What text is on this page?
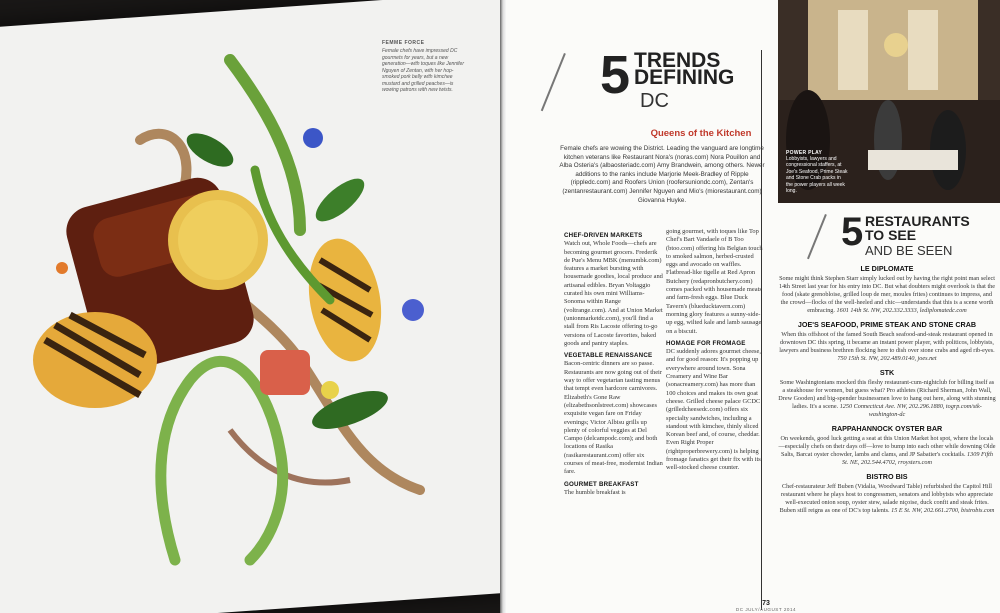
FEMME FORCE
Female chefs have impressed DC gourmets for years, but a new generation—with toques like Jennifer Nguyen of Zentan, with her hop-smoked pork belly with kimchee mustard and grilled peaches—is wowing patrons with new twists.	5 TRENDS
DEFINING
DC
Queens of the Kitchen
Female chefs are wowing the District. Leading the vanguard are longtime kitchen veterans like Restaurant Nora's (noras.com) Nora Pouillon and Alba Osteria's (albaosteriadc.com) Amy Brandwein, among others. Newer additions to the ranks include Marjorie Meek-Bradley of Ripple (rippledc.com) and Roofers Union (roofersuniondc.com), Zentan's (zentanrestaurant.com) Jennifer Nguyen and Mio's (miorestaurant.com) Giovanna Huyke.
CHEF-DRIVEN MARKETS

Watch out, Whole Foods—chefs are becoming gourmet grocers. Frederik de Pue's Menu MBK (menumbk.com) features a market bursting with housemade goodies, local produce and artisanal edibles. Bryan Voltaggio curated his own mini Williams-Sonoma within Range (voltrange.com). And at Union Market (unionmarketdc.com), you'll find a stall from Ris Lacoste offering to-go versions of Lacoste favorites, baked goods and pantry staples.

VEGETABLE RENAISSANCE

Bacon-centric dinners are so passe. Restaurants are now going out of their way to offer vegetarian tasting menus that tempt even hardcore carnivores. Elizabeth's Gone Raw (elizabethsonlstreet.com) showcases exquisite vegan fare on Friday evenings; Victor Albisu grills up plenty of colorful veggies at Del Campo (delcampodc.com); and both locations of Rasika (rasikarestaurant.com) offer six courses of meat-free, modernist Indian fare.

GOURMET BREAKFAST

The humble breakfast is

going gourmet, with toques like Top Chef's Bart Vandaele of B Too (btoo.com) offering his Belgian touch to smoked salmon, herbed-crusted eggs and avocado on waffles. Flatbread-like tigelle at Red Apron Butchery (redapronbutchery.com) comes packed with housemade meats and farm-fresh eggs. Blue Duck Tavern's (blueducktavern.com) morning glory features a sunny-side-up egg, wilted kale and lamb sausage on a biscuit.

HOMAGE FOR FROMAGE

DC suddenly adores gourmet cheese, and for good reason: It's popping up everywhere around town. Sona Creamery and Wine Bar (sonacreamery.com) has more than 100 choices and makes its own goat cheese. Grilled cheese palace GCDC (grilledcheesedc.com) offers six specialty sandwiches, including a standout with kimchee, thinly sliced Korean beef and, of course, cheddar. Even Right Proper (rightproperbrewery.com) is helping fromage fanatics get their fix with its well-stocked cheese counter.

POWER PLAY
Lobbyists, lawyers and congressional staffers, at Joe's Seafood, Prime Steak and Stone Crab packs in the power players all week long.
5 RESTAURANTS
TO SEE
AND BE SEEN
LE DIPLOMATE
Some might think Stephen Starr simply lucked out by having the right point man select 14th Street last year for his entry into DC. But what doubters might overlook is that the food (skate grenobloise, grilled loup de mer, moules frites) continues to impress, and the crowd—flocks of the well-heeled and chic—understands that this is a scene worth embracing. 1601 14th St. NW, 202.332.3333, lediplomatedc.com
JOE'S SEAFOOD, PRIME STEAK AND STONE CRAB
When this offshoot of the famed South Beach seafood-and-steak restaurant opened in downtown DC this spring, it became an instant power player, with politicos, lobbyists, lawyers and business brethren flocking here to dish over stone crabs and aged rib-eyes. 750 15th St. NW, 202.489.0140, joes.net
STK
Some Washingtonians mocked this fleshy restaurant-cum-nightclub for billing itself as a steakhouse for women, but guess what? Pro athletes (Richard Sherman, John Wall, Drew Gooden) and big-spender businessmen love to hang out here, along with stunning ladies. It's a scene. 1250 Connecticut Ave. NW, 202.296.1880, togrp.com/stk-washington-dc
RAPPAHANNOCK OYSTER BAR
On weekends, good luck getting a seat at this Union Market hot spot, where the locals—especially chefs on their days off—love to bump into each other while downing Olde Salts, Barcat oyster chowder, lambs and clams, and JP Sabatier's cocktails. 1309 Fifth St. NE, 202.544.4702, rroysters.com
BISTRO BIS
Chef-restaurateur Jeff Buben (Vidalia, Woodward Table) refurbished the Capitol Hill restaurant where he plays host to congressmen, senators and lobbyists who appreciate well-executed onion soup, oyster stew, salade niçoise, duck confit and steak frites. Buben still reigns as one of DC's top talents. 15 E St. NW, 202.661.2700, bistrobis.com
73
DC JULY/AUGUST 2014
